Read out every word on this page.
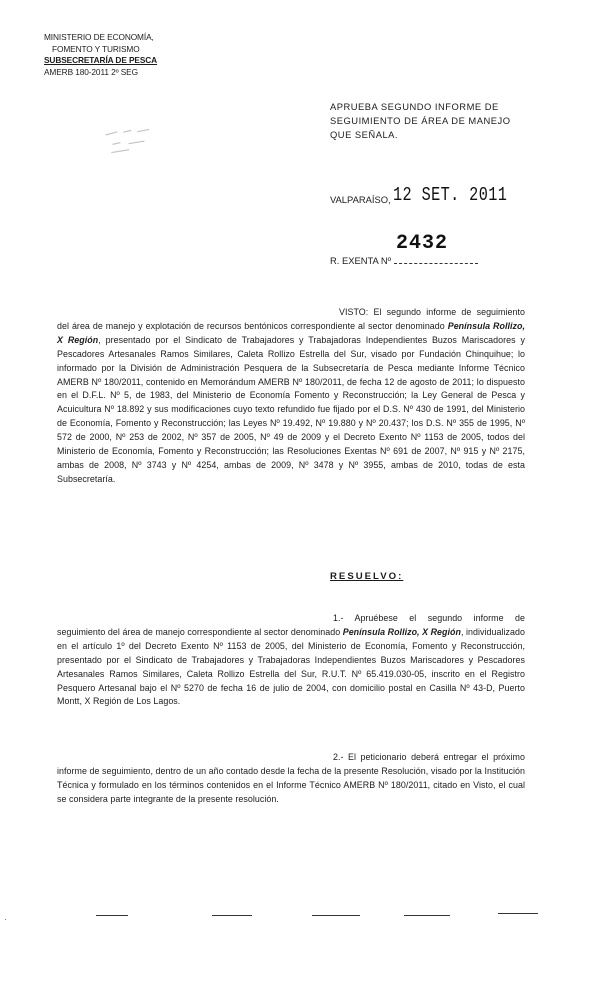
MINISTERIO DE ECONOMÍA,
FOMENTO Y TURISMO
SUBSECRETARÍA DE PESCA
AMERB 180-2011 2º SEG
APRUEBA SEGUNDO INFORME DE SEGUIMIENTO DE ÁREA DE MANEJO QUE SEÑALA.
VALPARAÍSO, 12 SET. 2011
2432
R. EXENTA Nº
VISTO: El segundo informe de seguimiento del área de manejo y explotación de recursos bentónicos correspondiente al sector denominado Península Rollizo, X Región, presentado por el Sindicato de Trabajadores y Trabajadoras Independientes Buzos Mariscadores y Pescadores Artesanales Ramos Similares, Caleta Rollizo Estrella del Sur, visado por Fundación Chinquihue; lo informado por la División de Administración Pesquera de la Subsecretaría de Pesca mediante Informe Técnico AMERB Nº 180/2011, contenido en Memorándum AMERB Nº 180/2011, de fecha 12 de agosto de 2011; lo dispuesto en el D.F.L. Nº 5, de 1983, del Ministerio de Economía Fomento y Reconstrucción; la Ley General de Pesca y Acuicultura Nº 18.892 y sus modificaciones cuyo texto refundido fue fijado por el D.S. Nº 430 de 1991, del Ministerio de Economía, Fomento y Reconstrucción; las Leyes Nº 19.492, Nº 19.880 y Nº 20.437; los D.S. Nº 355 de 1995, Nº 572 de 2000, Nº 253 de 2002, Nº 357 de 2005, Nº 49 de 2009 y el Decreto Exento Nº 1153 de 2005, todos del Ministerio de Economía, Fomento y Reconstrucción; las Resoluciones Exentas Nº 691 de 2007, Nº 915 y Nº 2175, ambas de 2008, Nº 3743 y Nº 4254, ambas de 2009, Nº 3478 y Nº 3955, ambas de 2010, todas de esta Subsecretaría.
RESUELVO:
1.- Apruébese el segundo informe de seguimiento del área de manejo correspondiente al sector denominado Península Rollizo, X Región, individualizado en el artículo 1º del Decreto Exento Nº 1153 de 2005, del Ministerio de Economía, Fomento y Reconstrucción, presentado por el Sindicato de Trabajadores y Trabajadoras Independientes Buzos Mariscadores y Pescadores Artesanales Ramos Similares, Caleta Rollizo Estrella del Sur, R.U.T. Nº 65.419.030-05, inscrito en el Registro Pesquero Artesanal bajo el Nº 5270 de fecha 16 de julio de 2004, con domicilio postal en Casilla Nº 43-D, Puerto Montt, X Región de Los Lagos.
2.- El peticionario deberá entregar el próximo informe de seguimiento, dentro de un año contado desde la fecha de la presente Resolución, visado por la Institución Técnica y formulado en los términos contenidos en el Informe Técnico AMERB Nº 180/2011, citado en Visto, el cual se considera parte integrante de la presente resolución.
·
